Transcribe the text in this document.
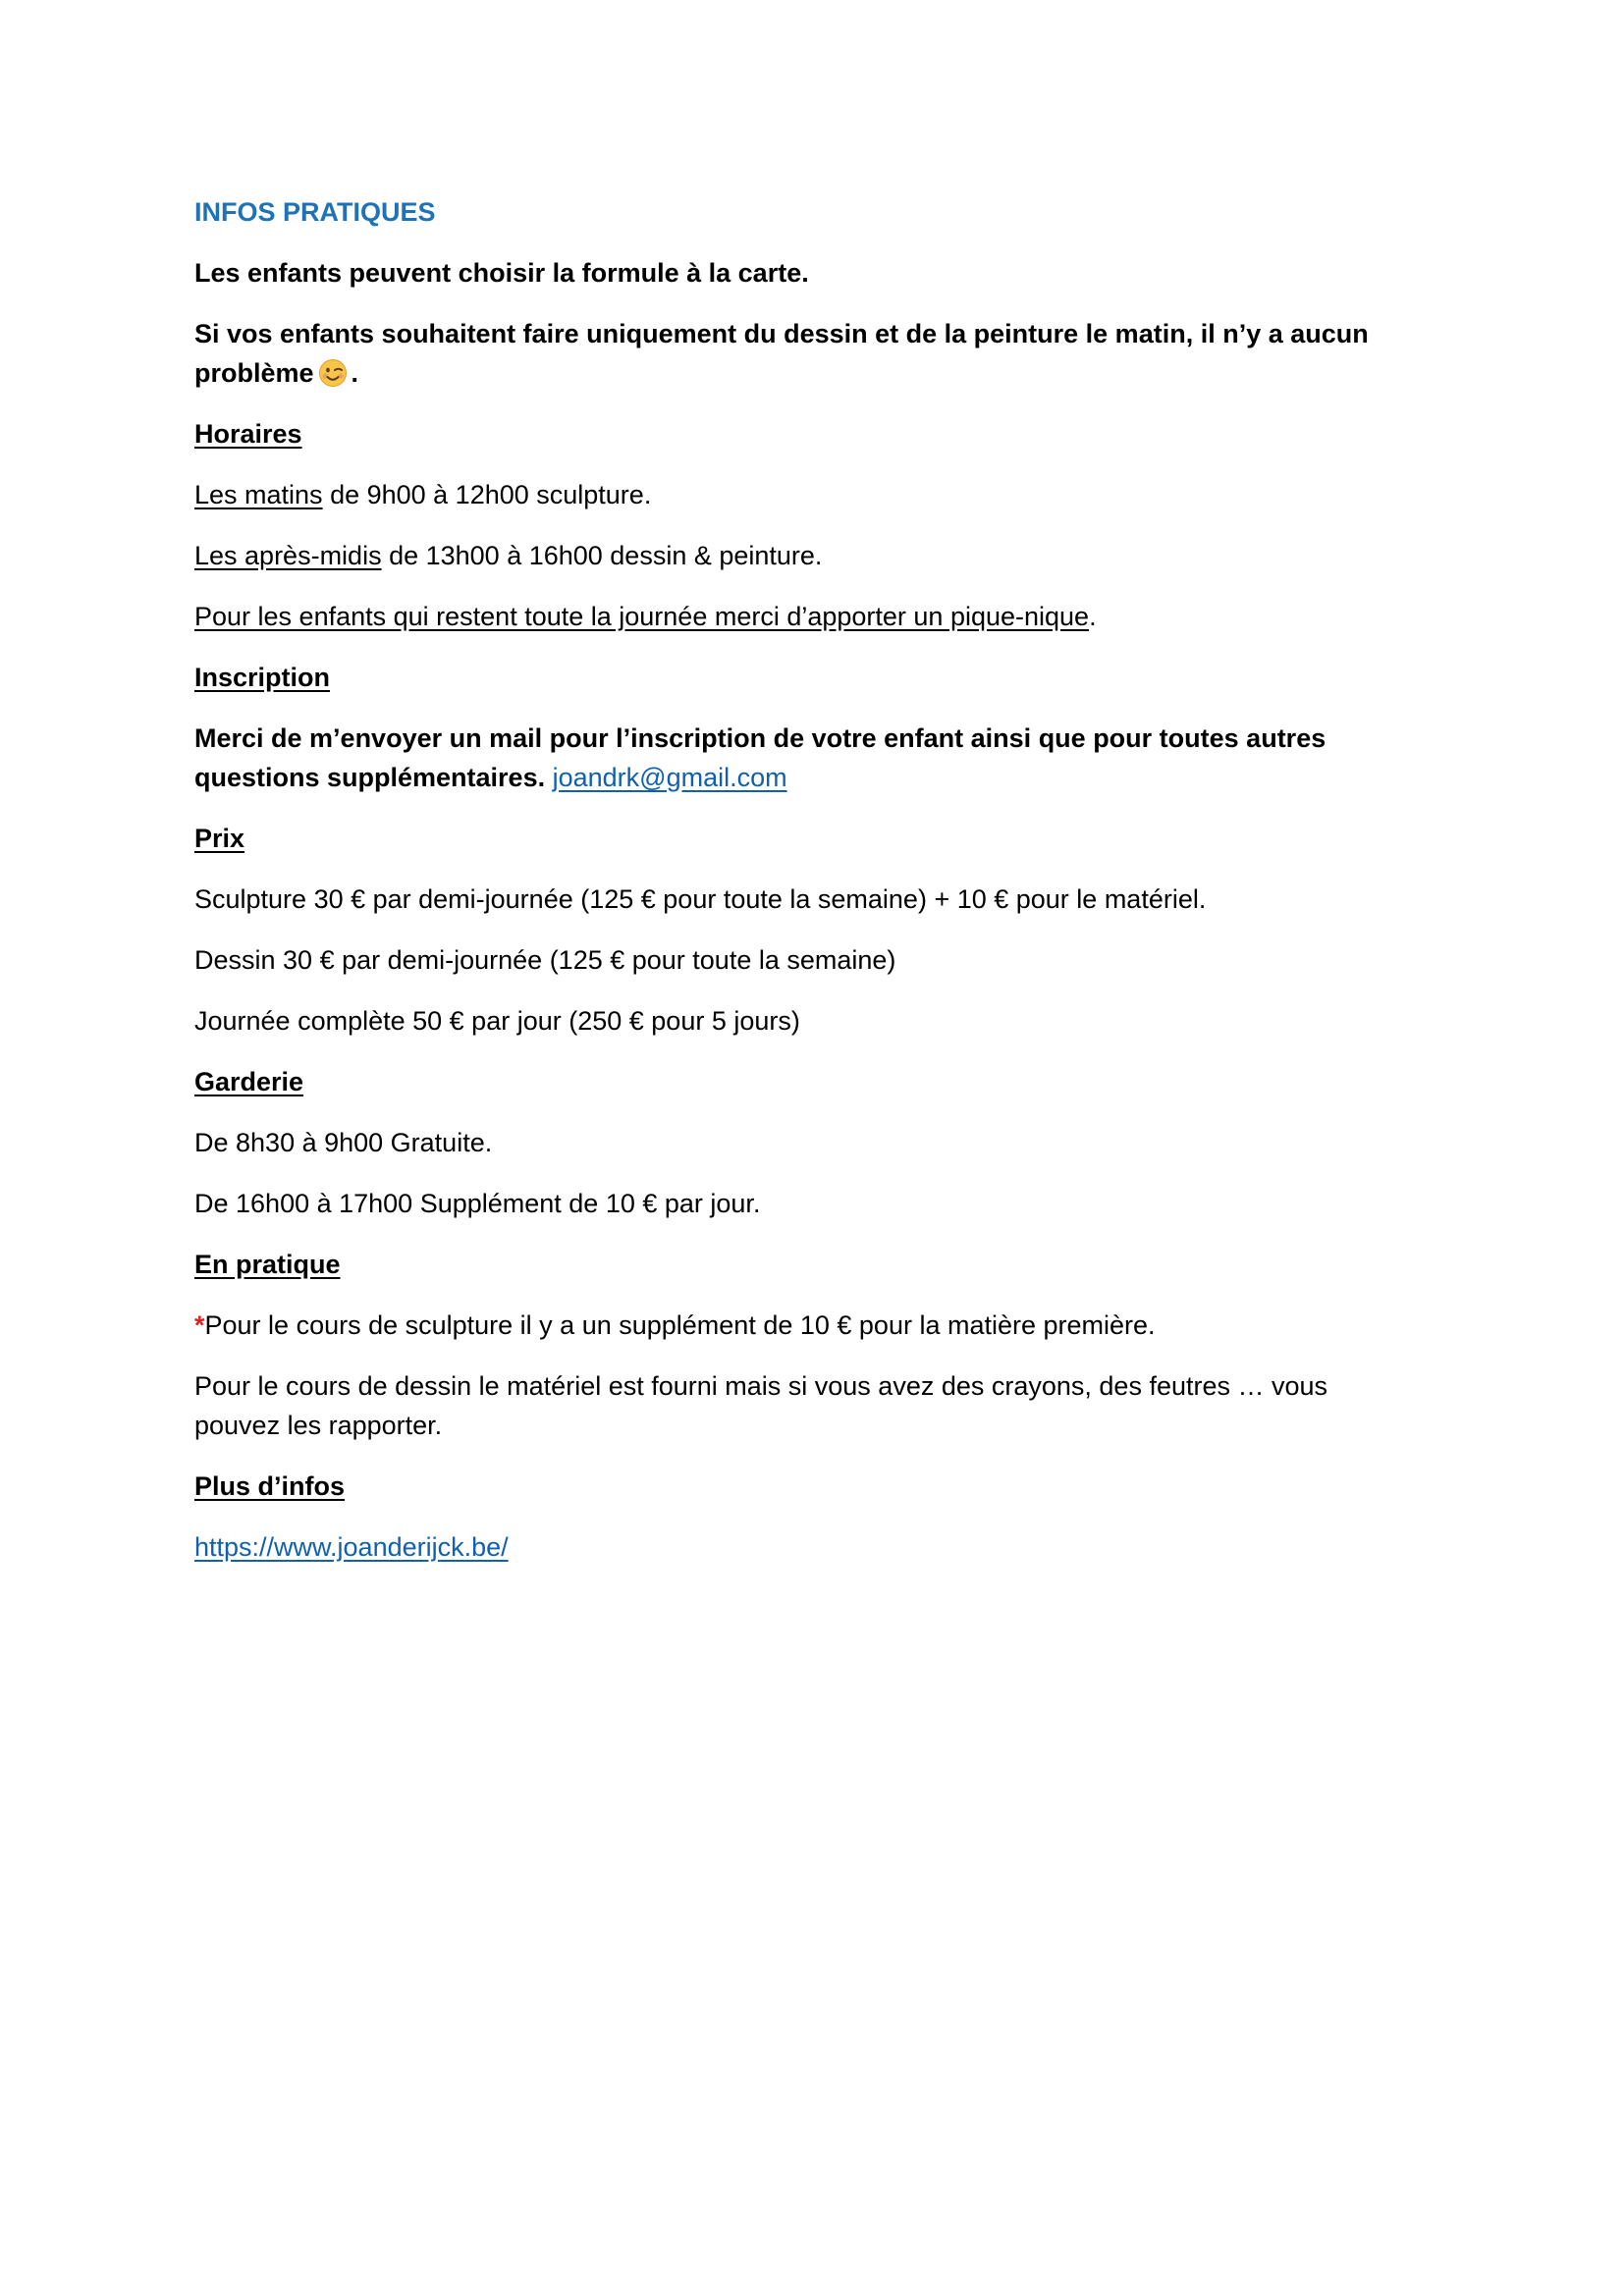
INFOS PRATIQUES

Les enfants peuvent choisir la formule à la carte.

Si vos enfants souhaitent faire uniquement du dessin et de la peinture le matin, il n’y a aucun problème .

Horaires

Les matins de 9h00 à 12h00 sculpture.

Les après-midis de 13h00 à 16h00 dessin & peinture.

Pour les enfants qui restent toute la journée merci d’apporter un pique-nique.

Inscription

Merci de m’envoyer un mail pour l’inscription de votre enfant ainsi que pour toutes autres questions supplémentaires. joandrk@gmail.com

Prix

Sculpture 30 € par demi-journée (125 € pour toute la semaine) + 10 € pour le matériel.

Dessin 30 € par demi-journée (125 € pour toute la semaine)

Journée complète 50 € par jour (250 € pour 5 jours)

Garderie

De 8h30 à 9h00 Gratuite.

De 16h00 à 17h00 Supplément de 10 € par jour.

En pratique

*Pour le cours de sculpture il y a un supplément de 10 € pour la matière première.

Pour le cours de dessin le matériel est fourni mais si vous avez des crayons, des feutres … vous pouvez les rapporter.

Plus d’infos

https://www.joanderijck.be/
